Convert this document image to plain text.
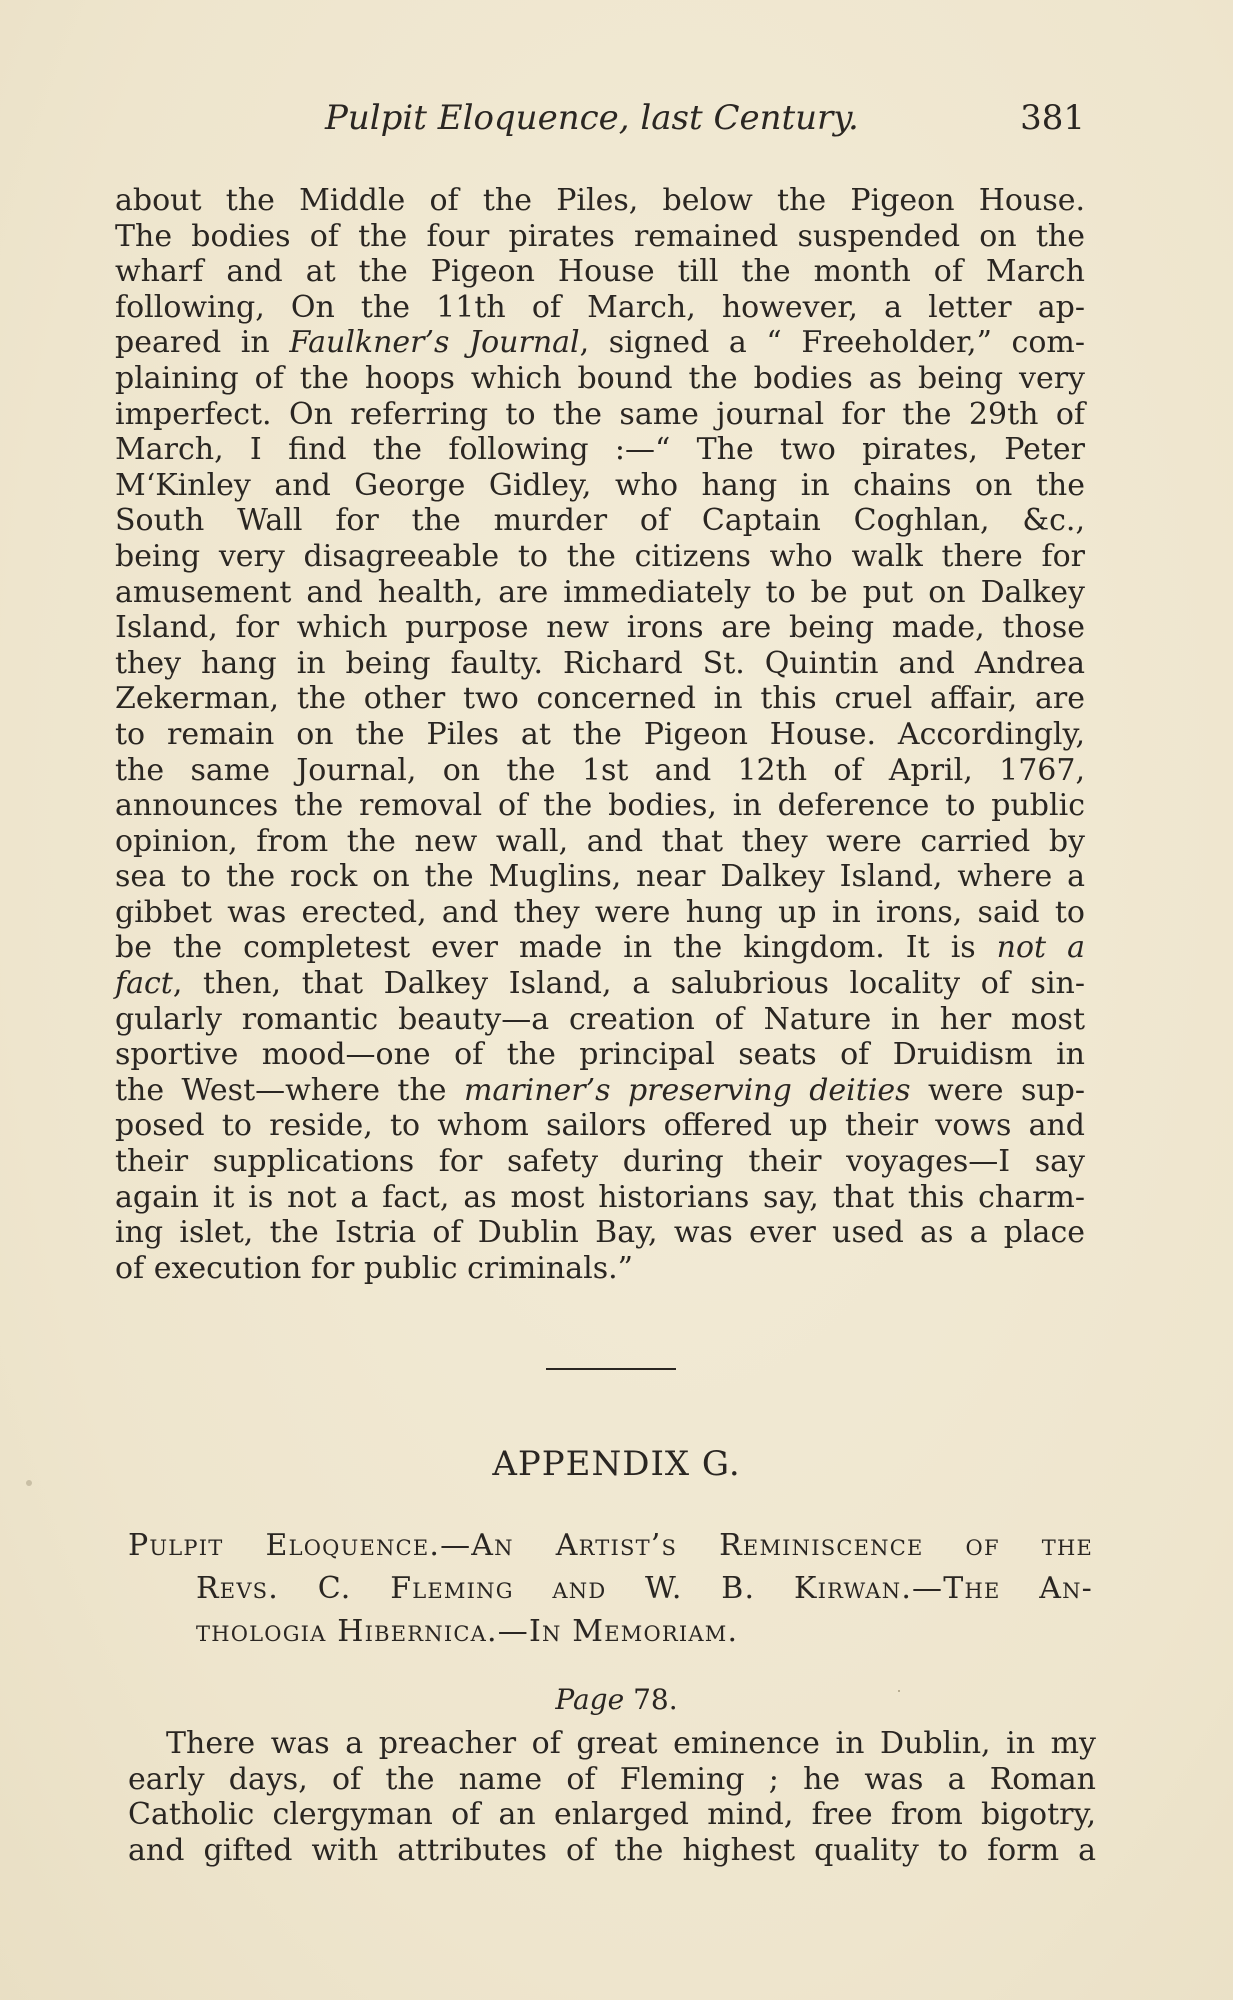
Pulpit Eloquence, last Century.	381
about the Middle of the Piles, below the Pigeon House.
The bodies of the four pirates remained suspended on the
wharf and at the Pigeon House till the month of March
following, On the 11th of March, however, a letter ap-
peared in Faulkner’s Journal, signed a “ Freeholder,” com-
plaining of the hoops which bound the bodies as being very
imperfect. On referring to the same journal for the 29th of
March, I find the following :—“ The two pirates, Peter
M‘Kinley and George Gidley, who hang in chains on the
South Wall for the murder of Captain Coghlan, &c.,
being very disagreeable to the citizens who walk there for
amusement and health, are immediately to be put on Dalkey
Island, for which purpose new irons are being made, those
they hang in being faulty. Richard St. Quintin and Andrea
Zekerman, the other two concerned in this cruel affair, are
to remain on the Piles at the Pigeon House. Accordingly,
the same Journal, on the 1st and 12th of April, 1767,
announces the removal of the bodies, in deference to public
opinion, from the new wall, and that they were carried by
sea to the rock on the Muglins, near Dalkey Island, where a
gibbet was erected, and they were hung up in irons, said to
be the completest ever made in the kingdom. It is not a
fact, then, that Dalkey Island, a salubrious locality of sin-
gularly romantic beauty—a creation of Nature in her most
sportive mood—one of the principal seats of Druidism in
the West—where the mariner’s preserving deities were sup-
posed to reside, to whom sailors offered up their vows and
their supplications for safety during their voyages—I say
again it is not a fact, as most historians say, that this charm-
ing islet, the Istria of Dublin Bay, was ever used as a place
of execution for public criminals.”
APPENDIX G.
Pulpit Eloquence.—An Artist’s Reminiscence of the
Revs. C. Fleming and W. B. Kirwan.—The An-
thologia Hibernica.—In Memoriam.
Page 78.
There was a preacher of great eminence in Dublin, in my
early days, of the name of Fleming ; he was a Roman
Catholic clergyman of an enlarged mind, free from bigotry,
and gifted with attributes of the highest quality to form a
